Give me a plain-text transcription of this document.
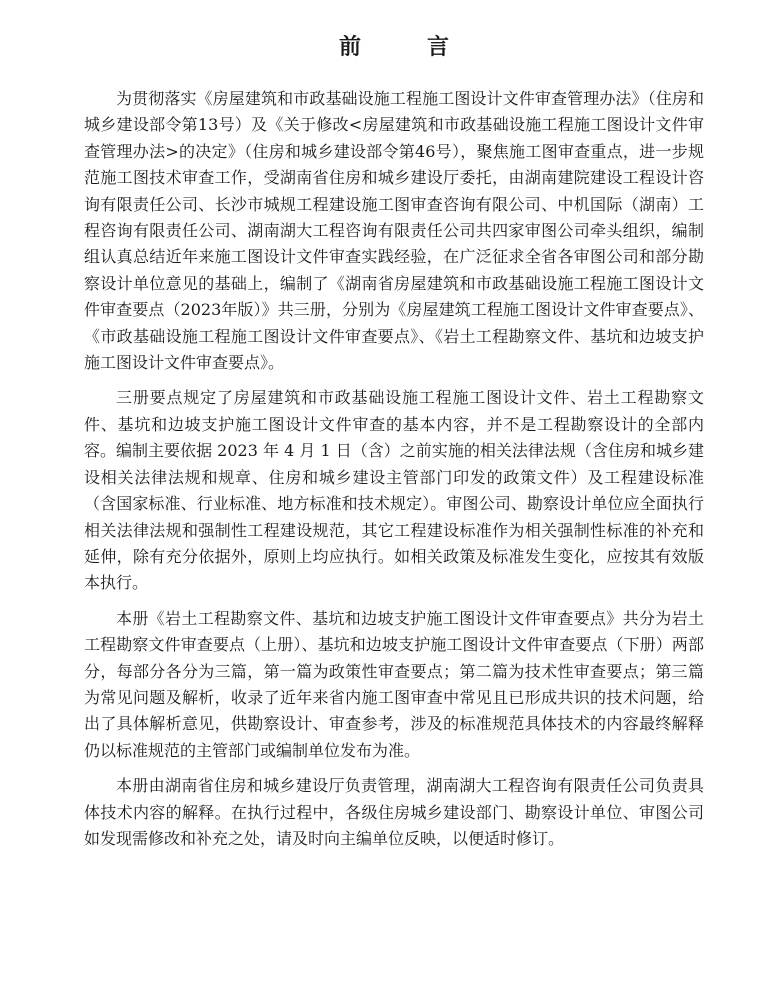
前　言

为贯彻落实《房屋建筑和市政基础设施工程施工图设计文件审查管理办法》（住房和城乡建设部令第13号）及《关于修改<房屋建筑和市政基础设施工程施工图设计文件审查管理办法>的决定》（住房和城乡建设部令第46号），聚焦施工图审查重点，进一步规范施工图技术审查工作，受湖南省住房和城乡建设厅委托，由湖南建院建设工程设计咨询有限责任公司、长沙市城规工程建设施工图审查咨询有限公司、中机国际（湖南）工程咨询有限责任公司、湖南湖大工程咨询有限责任公司共四家审图公司牵头组织，编制组认真总结近年来施工图设计文件审查实践经验，在广泛征求全省各审图公司和部分勘察设计单位意见的基础上，编制了《湖南省房屋建筑和市政基础设施工程施工图设计文件审查要点（2023年版）》共三册，分别为《房屋建筑工程施工图设计文件审查要点》、《市政基础设施工程施工图设计文件审查要点》、《岩土工程勘察文件、基坑和边坡支护施工图设计文件审查要点》。

三册要点规定了房屋建筑和市政基础设施工程施工图设计文件、岩土工程勘察文件、基坑和边坡支护施工图设计文件审查的基本内容，并不是工程勘察设计的全部内容。编制主要依据 2023 年 4 月 1 日（含）之前实施的相关法律法规（含住房和城乡建设相关法律法规和规章、住房和城乡建设主管部门印发的政策文件）及工程建设标准（含国家标准、行业标准、地方标准和技术规定）。审图公司、勘察设计单位应全面执行相关法律法规和强制性工程建设规范，其它工程建设标准作为相关强制性标准的补充和延伸，除有充分依据外，原则上均应执行。如相关政策及标准发生变化，应按其有效版本执行。

本册《岩土工程勘察文件、基坑和边坡支护施工图设计文件审查要点》共分为岩土工程勘察文件审查要点（上册）、基坑和边坡支护施工图设计文件审查要点（下册）两部分，每部分各分为三篇，第一篇为政策性审查要点；第二篇为技术性审查要点；第三篇为常见问题及解析，收录了近年来省内施工图审查中常见且已形成共识的技术问题，给出了具体解析意见，供勘察设计、审查参考，涉及的标准规范具体技术的内容最终解释仍以标准规范的主管部门或编制单位发布为准。

本册由湖南省住房和城乡建设厅负责管理，湖南湖大工程咨询有限责任公司负责具体技术内容的解释。在执行过程中，各级住房城乡建设部门、勘察设计单位、审图公司如发现需修改和补充之处，请及时向主编单位反映，以便适时修订。
